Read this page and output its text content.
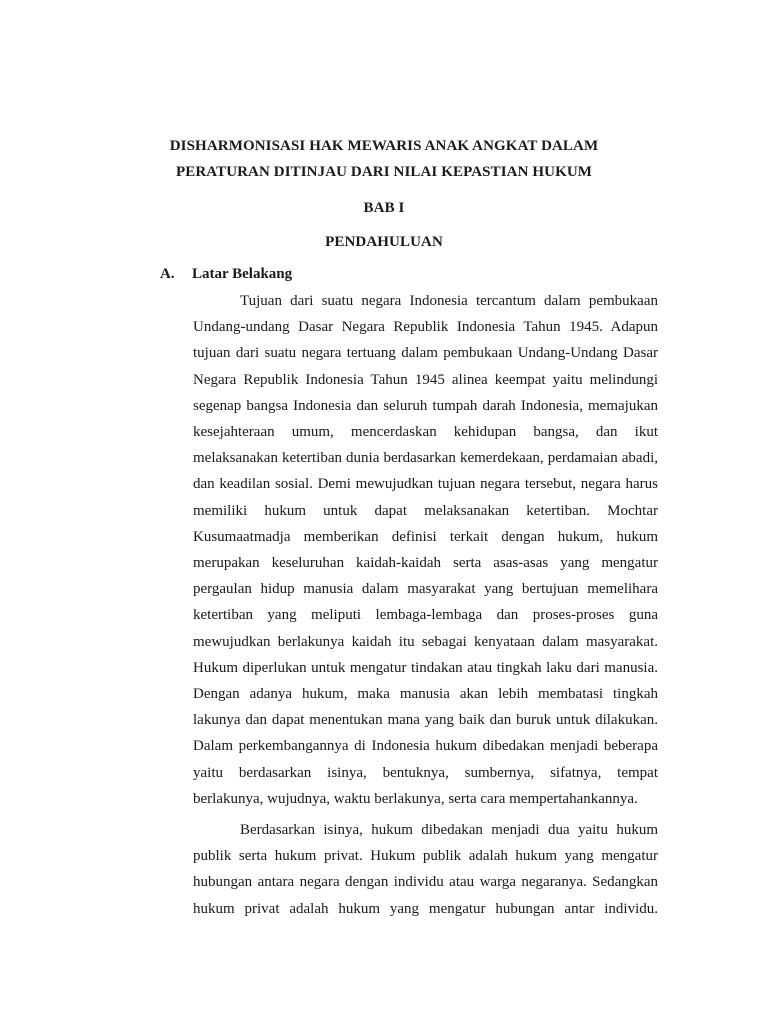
DISHARMONISASI HAK MEWARIS ANAK ANGKAT DALAM
PERATURAN DITINJAU DARI NILAI KEPASTIAN HUKUM
BAB I
PENDAHULUAN
A. Latar Belakang

Tujuan dari suatu negara Indonesia tercantum dalam pembukaan Undang-undang Dasar Negara Republik Indonesia Tahun 1945. Adapun tujuan dari suatu negara tertuang dalam pembukaan Undang-Undang Dasar Negara Republik Indonesia Tahun 1945 alinea keempat yaitu melindungi segenap bangsa Indonesia dan seluruh tumpah darah Indonesia, memajukan kesejahteraan umum, mencerdaskan kehidupan bangsa, dan ikut melaksanakan ketertiban dunia berdasarkan kemerdekaan, perdamaian abadi, dan keadilan sosial. Demi mewujudkan tujuan negara tersebut, negara harus memiliki hukum untuk dapat melaksanakan ketertiban. Mochtar Kusumaatmadja memberikan definisi terkait dengan hukum, hukum merupakan keseluruhan kaidah-kaidah serta asas-asas yang mengatur pergaulan hidup manusia dalam masyarakat yang bertujuan memelihara ketertiban yang meliputi lembaga-lembaga dan proses-proses guna mewujudkan berlakunya kaidah itu sebagai kenyataan dalam masyarakat. Hukum diperlukan untuk mengatur tindakan atau tingkah laku dari manusia. Dengan adanya hukum, maka manusia akan lebih membatasi tingkah lakunya dan dapat menentukan mana yang baik dan buruk untuk dilakukan. Dalam perkembangannya di Indonesia hukum dibedakan menjadi beberapa yaitu berdasarkan isinya, bentuknya, sumbernya, sifatnya, tempat berlakunya, wujudnya, waktu berlakunya, serta cara mempertahankannya.

Berdasarkan isinya, hukum dibedakan menjadi dua yaitu hukum publik serta hukum privat. Hukum publik adalah hukum yang mengatur hubungan antara negara dengan individu atau warga negaranya. Sedangkan hukum privat adalah hukum yang mengatur hubungan antar individu.
